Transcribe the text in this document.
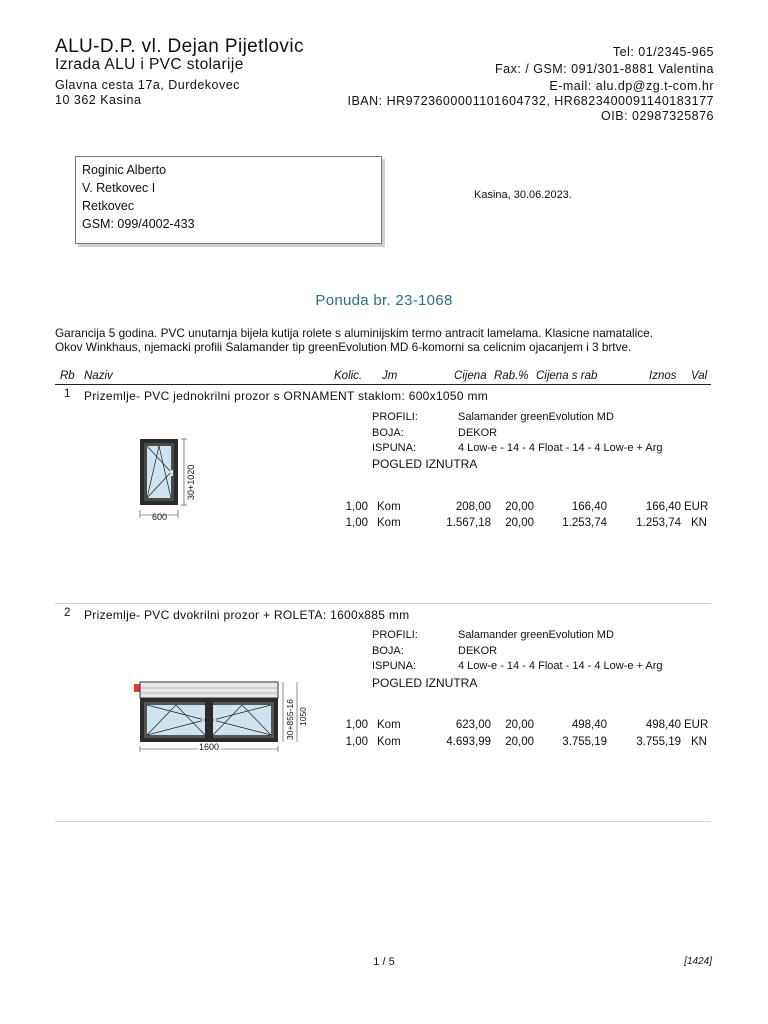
ALU-D.P. vl. Dejan Pijetlovic
Izrada ALU i PVC stolarije
Glavna cesta 17a, Durdekovec
10 362 Kasina
Tel: 01/2345-965
Fax: / GSM: 091/301-8881 Valentina
E-mail: alu.dp@zg.t-com.hr
IBAN: HR9723600001101604732, HR6823400091140183177
OIB: 02987325876
Roginic Alberto
V. Retkovec I
Retkovec
GSM: 099/4002-433
Kasina, 30.06.2023.
Ponuda br. 23-1068
Garancija 5 godina. PVC unutarnja bijela kutija rolete s aluminijskim termo antracit lamelama. Klasicne namatalice.
Okov Winkhaus, njemacki profili Salamander tip greenEvolution MD 6-komorni sa celicnim ojacanjem i 3 brtve.
Rb Naziv	Kolic. Jm	Cijena Rab.% Cijena s rab	Iznos Val
1 Prizemlje- PVC jednokrilni prozor s ORNAMENT staklom: 600x1050 mm
PROFILI:	Salamander greenEvolution MD
BOJA:	DEKOR
ISPUNA:	4 Low-e - 14 - 4 Float - 14 - 4 Low-e + Arg
POGLED IZNUTRA
30+1020
600
1,00 Kom	208,00 20,00	166,40	166,40 EUR
1,00 Kom	1.567,18 20,00 1.253,74	1.253,74 KN
2 Prizemlje- PVC dvokrilni prozor + ROLETA: 1600x885 mm
PROFILI:	Salamander greenEvolution MD
BOJA:	DEKOR
ISPUNA:	4 Low-e - 14 - 4 Float - 14 - 4 Low-e + Arg
POGLED IZNUTRA
30+855-16 1050
1600
1,00 Kom	623,00 20,00	498,40	498,40 EUR
1,00 Kom	4.693,99 20,00 3.755,19	3.755,19 KN
1 / 5	[1424]
